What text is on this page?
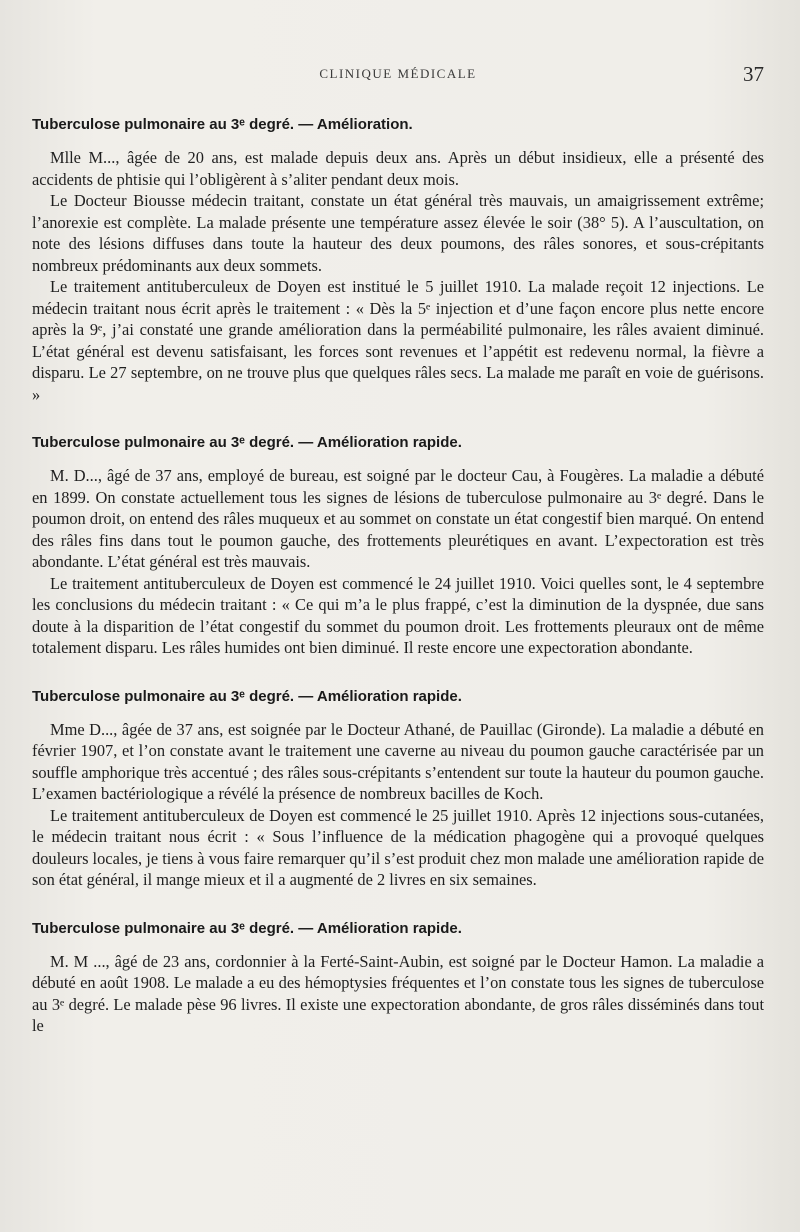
CLINIQUE MÉDICALE	37
Tuberculose pulmonaire au 3ᵉ degré. — Amélioration.

Mlle M..., âgée de 20 ans, est malade depuis deux ans. Après un début insidieux, elle a présenté des accidents de phtisie qui l’obligèrent à s’aliter pendant deux mois.

Le Docteur Biousse médecin traitant, constate un état général très mauvais, un amaigrissement extrême; l’anorexie est complète. La malade présente une température assez élevée le soir (38° 5). A l’auscultation, on note des lésions diffuses dans toute la hauteur des deux poumons, des râles sonores, et sous-crépitants nombreux prédominants aux deux sommets.

Le traitement antituberculeux de Doyen est institué le 5 juillet 1910. La malade reçoit 12 injections. Le médecin traitant nous écrit après le traitement : « Dès la 5ᵉ injection et d’une façon encore plus nette encore après la 9ᵉ, j’ai constaté une grande amélioration dans la perméabilité pulmonaire, les râles avaient diminué. L’état général est devenu satisfaisant, les forces sont revenues et l’appétit est redevenu normal, la fièvre a disparu. Le 27 septembre, on ne trouve plus que quelques râles secs. La malade me paraît en voie de guérisons. »

Tuberculose pulmonaire au 3ᵉ degré. — Amélioration rapide.

M. D..., âgé de 37 ans, employé de bureau, est soigné par le docteur Cau, à Fougères. La maladie a débuté en 1899. On constate actuellement tous les signes de lésions de tuberculose pulmonaire au 3ᵉ degré. Dans le poumon droit, on entend des râles muqueux et au sommet on constate un état congestif bien marqué. On entend des râles fins dans tout le poumon gauche, des frottements pleurétiques en avant. L’expectoration est très abondante. L’état général est très mauvais.

Le traitement antituberculeux de Doyen est commencé le 24 juillet 1910. Voici quelles sont, le 4 septembre les conclusions du médecin traitant : « Ce qui m’a le plus frappé, c’est la diminution de la dyspnée, due sans doute à la disparition de l’état congestif du sommet du poumon droit. Les frottements pleuraux ont de même totalement disparu. Les râles humides ont bien diminué. Il reste encore une expectoration abondante.

Tuberculose pulmonaire au 3ᵉ degré. — Amélioration rapide.

Mme D..., âgée de 37 ans, est soignée par le Docteur Athané, de Pauillac (Gironde). La maladie a débuté en février 1907, et l’on constate avant le traitement une caverne au niveau du poumon gauche caractérisée par un souffle amphorique très accentué ; des râles sous-crépitants s’entendent sur toute la hauteur du poumon gauche. L’examen bactériologique a révélé la présence de nombreux bacilles de Koch.

Le traitement antituberculeux de Doyen est commencé le 25 juillet 1910. Après 12 injections sous-cutanées, le médecin traitant nous écrit : « Sous l’influence de la médication phagogène qui a provoqué quelques douleurs locales, je tiens à vous faire remarquer qu’il s’est produit chez mon malade une amélioration rapide de son état général, il mange mieux et il a augmenté de 2 livres en six semaines.

Tuberculose pulmonaire au 3ᵉ degré. — Amélioration rapide.

M. M ..., âgé de 23 ans, cordonnier à la Ferté-Saint-Aubin, est soigné par le Docteur Hamon. La maladie a débuté en août 1908. Le malade a eu des hémoptysies fréquentes et l’on constate tous les signes de tuberculose au 3ᵉ degré. Le malade pèse 96 livres. Il existe une expectoration abondante, de gros râles disséminés dans tout le
